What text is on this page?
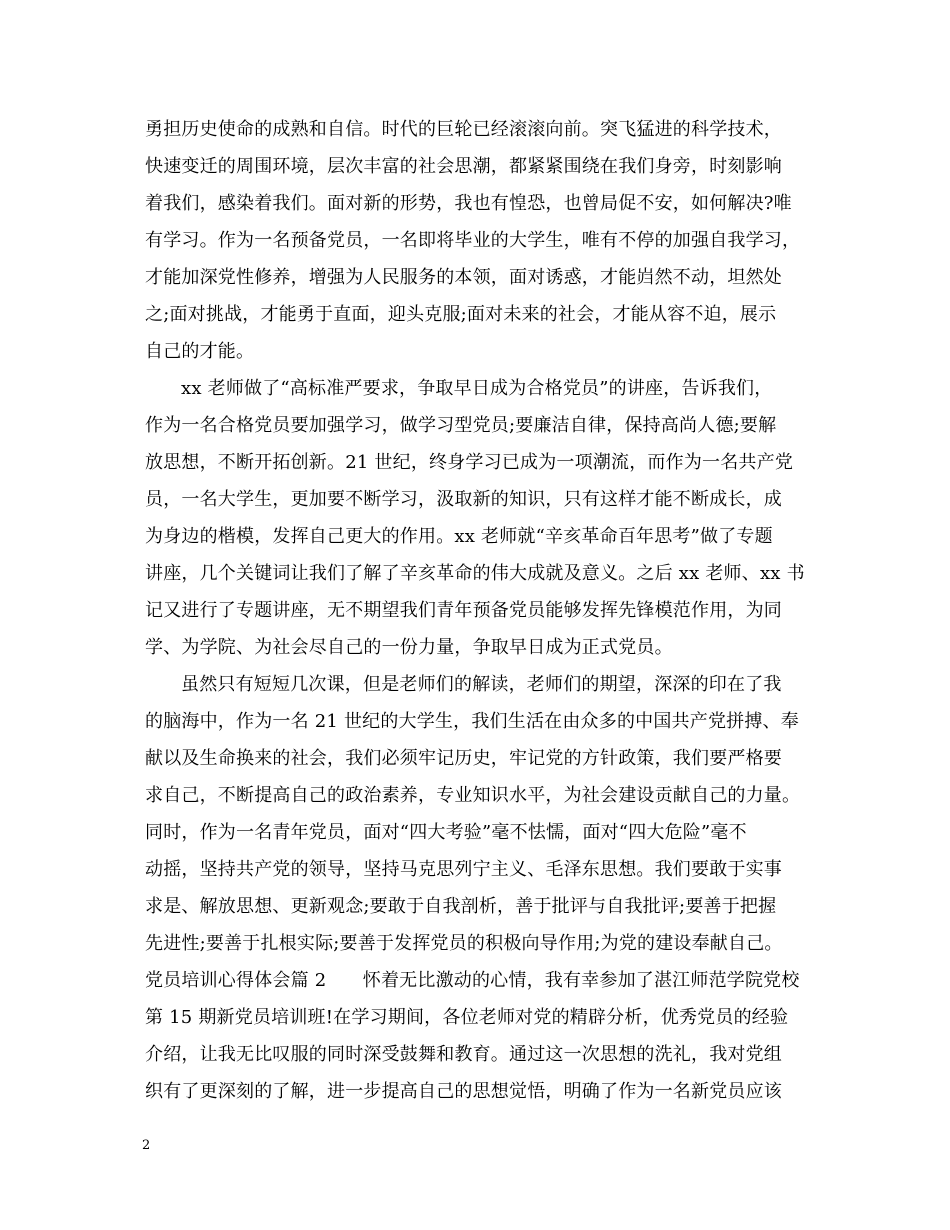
勇担历史使命的成熟和自信。时代的巨轮已经滚滚向前。突飞猛进的科学技术，
快速变迁的周围环境，层次丰富的社会思潮，都紧紧围绕在我们身旁，时刻影响
着我们，感染着我们。面对新的形势，我也有惶恐，也曾局促不安，如何解决?唯
有学习。作为一名预备党员，一名即将毕业的大学生，唯有不停的加强自我学习，
才能加深党性修养，增强为人民服务的本领，面对诱惑，才能岿然不动，坦然处
之;面对挑战，才能勇于直面，迎头克服;面对未来的社会，才能从容不迫，展示
自己的才能。
xx 老师做了“高标准严要求，争取早日成为合格党员”的讲座，告诉我们，
作为一名合格党员要加强学习，做学习型党员;要廉洁自律，保持高尚人德;要解
放思想，不断开拓创新。21 世纪，终身学习已成为一项潮流，而作为一名共产党
员，一名大学生，更加要不断学习，汲取新的知识，只有这样才能不断成长，成
为身边的楷模，发挥自己更大的作用。xx 老师就“辛亥革命百年思考”做了专题
讲座，几个关键词让我们了解了辛亥革命的伟大成就及意义。之后 xx 老师、xx 书
记又进行了专题讲座，无不期望我们青年预备党员能够发挥先锋模范作用，为同
学、为学院、为社会尽自己的一份力量，争取早日成为正式党员。
虽然只有短短几次课，但是老师们的解读，老师们的期望，深深的印在了我
的脑海中，作为一名 21 世纪的大学生，我们生活在由众多的中国共产党拼搏、奉
献以及生命换来的社会，我们必须牢记历史，牢记党的方针政策，我们要严格要
求自己，不断提高自己的政治素养，专业知识水平，为社会建设贡献自己的力量。
同时，作为一名青年党员，面对“四大考验”毫不怯懦，面对“四大危险”毫不
动摇，坚持共产党的领导，坚持马克思列宁主义、毛泽东思想。我们要敢于实事
求是、解放思想、更新观念;要敢于自我剖析，善于批评与自我批评;要善于把握
先进性;要善于扎根实际;要善于发挥党员的积极向导作用;为党的建设奉献自己。
党员培训心得体会篇 2　　怀着无比激动的心情，我有幸参加了湛江师范学院党校
第 15 期新党员培训班!在学习期间，各位老师对党的精辟分析，优秀党员的经验
介绍，让我无比叹服的同时深受鼓舞和教育。通过这一次思想的洗礼，我对党组
织有了更深刻的了解，进一步提高自己的思想觉悟，明确了作为一名新党员应该
2
